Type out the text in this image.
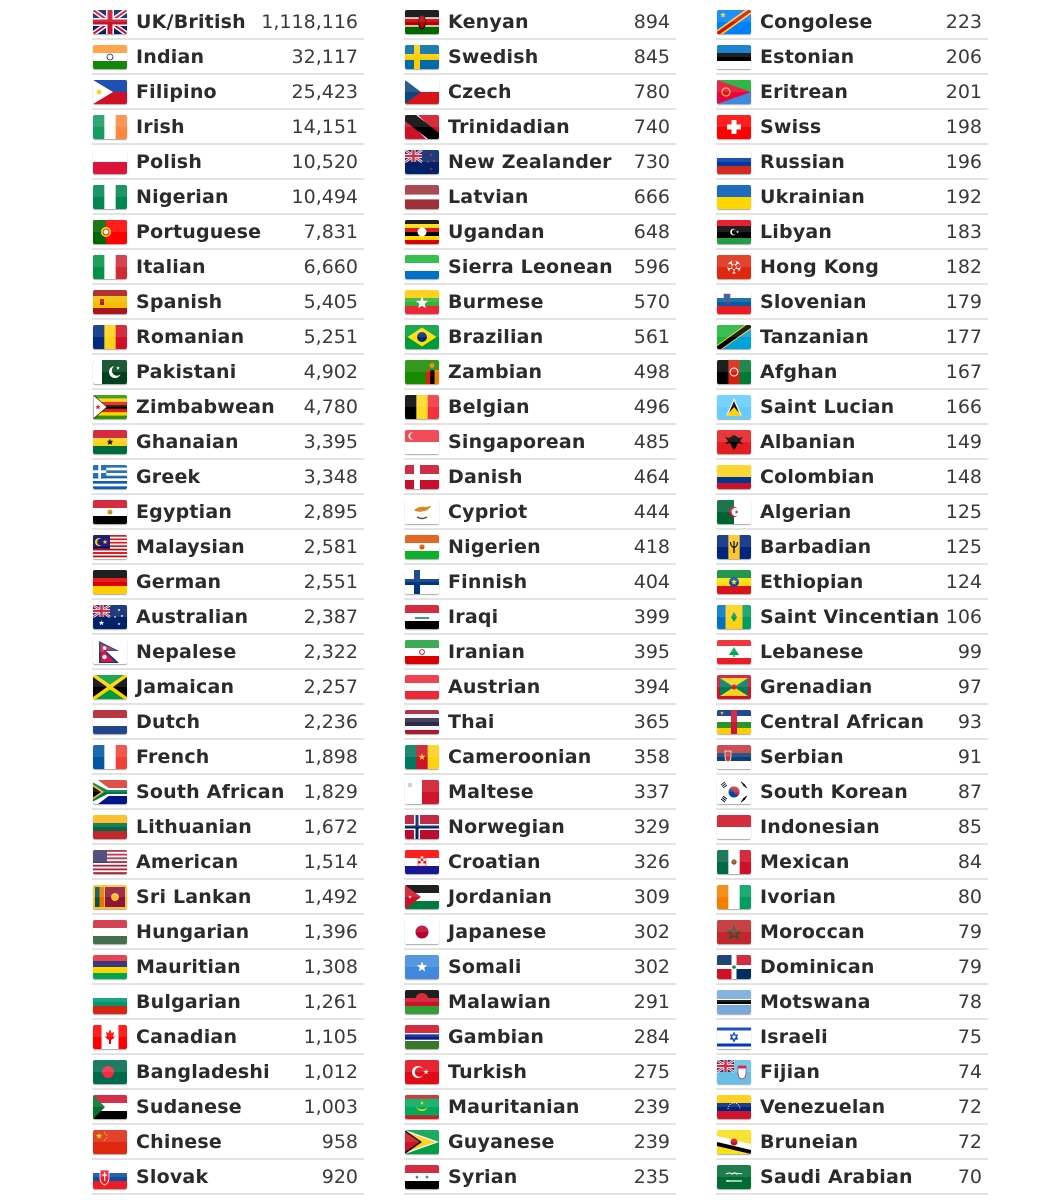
UK/British 1,118,116
Indian	32,117
Filipino	25,423
Irish	14,151
Polish	10,520
Nigerian	10,494
Portuguese 7,831
Italian	6,660
Spanish	5,405
Romanian	5,251
Pakistani	4,902
Zimbabwean 4,780
Ghanaian	3,395
Greek	3,348
Egyptian	2,895
Malaysian	2,581
German	2,551
Australian	2,387
Nepalese	2,322
Jamaican	2,257
Dutch	2,236
French	1,898
South African 1,829
Lithuanian	1,672
American	1,514
Sri Lankan	1,492
Hungarian	1,396
Mauritian	1,308
Bulgarian	1,261
Canadian	1,105
Bangladeshi 1,012
Sudanese	1,003
Chinese	958
Slovak	920
Kenyan	894
Swedish	845
Czech	780
Trinidadian	740
New Zealander 730
Latvian	666
Ugandan	648
Sierra Leonean 596
Burmese	570
Brazilian	561
Zambian	498
Belgian	496
Singaporean	485
Danish	464
Cypriot	444
Nigerien	418
Finnish	404
Iraqi	399
Iranian	395
Austrian	394
Thai	365
Cameroonian 358
Maltese	337
Norwegian	329
Croatian	326
Jordanian	309
Japanese	302
Somali	302
Malawian	291
Gambian	284
Turkish	275
Mauritanian	239
Guyanese	239
Syrian	235
Congolese	223
Estonian	206
Eritrean	201
Swiss	198
Russian	196
Ukrainian	192
Libyan	183
Hong Kong	182
Slovenian	179
Tanzanian	177
Afghan	167
Saint Lucian	166
Albanian	149
Colombian	148
Algerian	125
Barbadian	125
Ethiopian	124
Saint Vincentian 106
Lebanese	99
Grenadian	97
Central African 93
Serbian	91
South Korean	87
Indonesian	85
Mexican	84
Ivorian	80
Moroccan	79
Dominican	79
Motswana	78
Israeli	75
Fijian	74
Venezuelan	72
Bruneian	72
Saudi Arabian 70
